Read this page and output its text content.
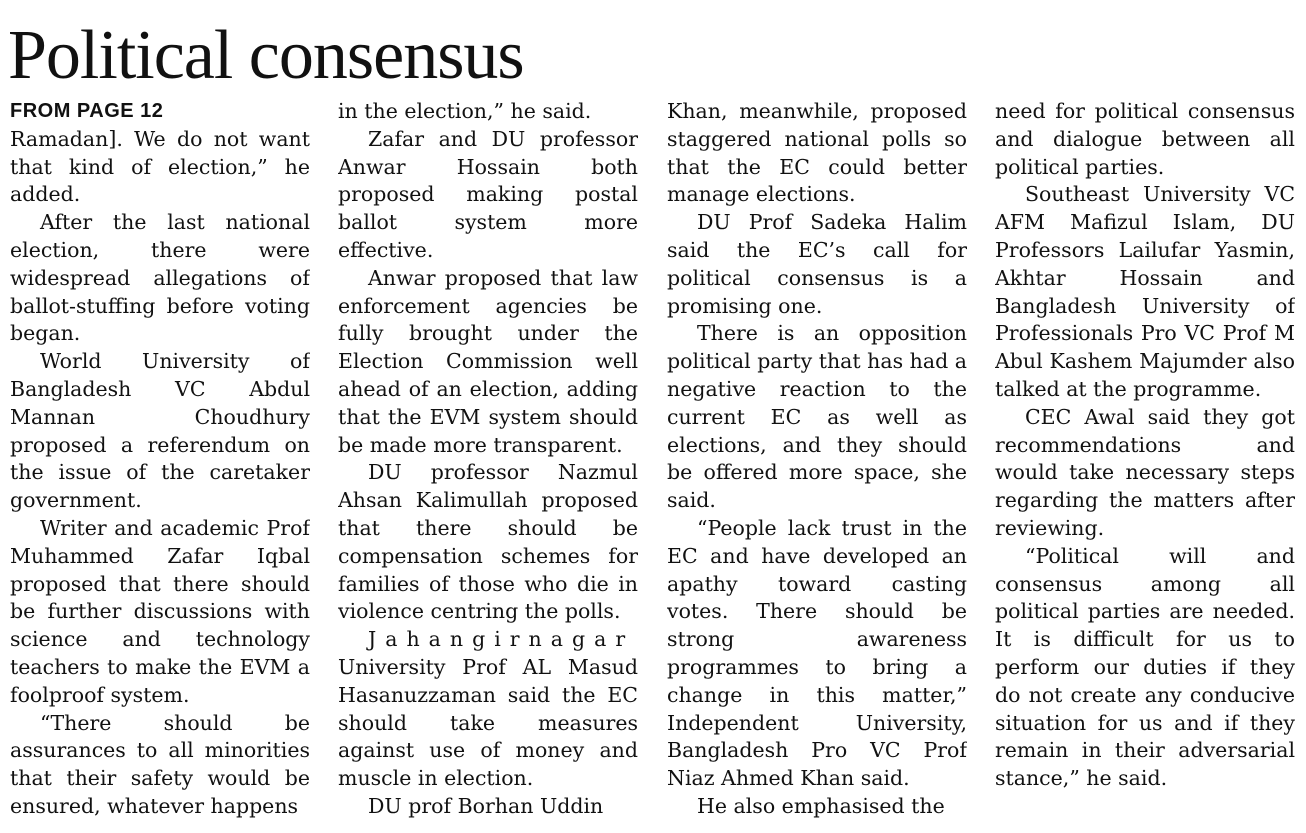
Political consensus
FROM PAGE 12

Ramadan]. We do not want that kind of election,” he added.

After the last national election, there were widespread allegations of ballot-stuffing before voting began.

World University of Bangladesh VC Abdul Mannan Choudhury proposed a referendum on the issue of the caretaker government.

Writer and academic Prof Muhammed Zafar Iqbal proposed that there should be further discussions with science and technology teachers to make the EVM a foolproof system.

“There should be assurances to all minorities that their safety would be ensured, whatever happens

in the election,” he said.

Zafar and DU professor Anwar Hossain both proposed making postal ballot system more effective.

Anwar proposed that law enforcement agencies be fully brought under the Election Commission well ahead of an election, adding that the EVM system should be made more transparent.

DU professor Nazmul Ahsan Kalimullah proposed that there should be compensation schemes for families of those who die in violence centring the polls.

Jahangirnagar

University Prof AL Masud Hasanuzzaman said the EC should take measures against use of money and muscle in election.

DU prof Borhan Uddin

Khan, meanwhile, proposed staggered national polls so that the EC could better manage elections.

DU Prof Sadeka Halim said the EC’s call for political consensus is a promising one.

There is an opposition political party that has had a negative reaction to the current EC as well as elections, and they should be offered more space, she said.

“People lack trust in the EC and have developed an apathy toward casting votes. There should be strong awareness programmes to bring a change in this matter,” Independent University, Bangladesh Pro VC Prof Niaz Ahmed Khan said.

He also emphasised the

need for political consensus and dialogue between all political parties.

Southeast University VC AFM Mafizul Islam, DU Professors Lailufar Yasmin, Akhtar Hossain and Bangladesh University of Professionals Pro VC Prof M Abul Kashem Majumder also talked at the programme.

CEC Awal said they got recommendations and would take necessary steps regarding the matters after reviewing.

“Political will and consensus among all political parties are needed. It is difficult for us to perform our duties if they do not create any conducive situation for us and if they remain in their adversarial stance,” he said.
